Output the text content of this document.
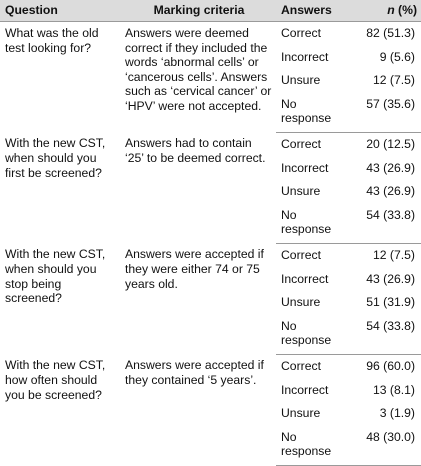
Question	Marking criteria	Answers	n (%)
What was the old test looking for?	Answers were deemed correct if they included the words ‘abnormal cells’ or ‘cancerous cells’. Answers such as ‘cervical cancer’ or ‘HPV’ were not accepted.	Correct	82 (51.3)
		Incorrect	9 (5.6)
		Unsure	12 (7.5)
		No response	57 (35.6)
With the new CST, when should you first be screened?	Answers had to contain ‘25’ to be deemed correct.	Correct	20 (12.5)
		Incorrect	43 (26.9)
		Unsure	43 (26.9)
		No response	54 (33.8)
With the new CST, when should you stop being screened?	Answers were accepted if they were either 74 or 75 years old.	Correct	12 (7.5)
		Incorrect	43 (26.9)
		Unsure	51 (31.9)
		No response	54 (33.8)
With the new CST, how often should you be screened?	Answers were accepted if they contained ‘5 years’.	Correct	96 (60.0)
		Incorrect	13 (8.1)
		Unsure	3 (1.9)
		No response	48 (30.0)
